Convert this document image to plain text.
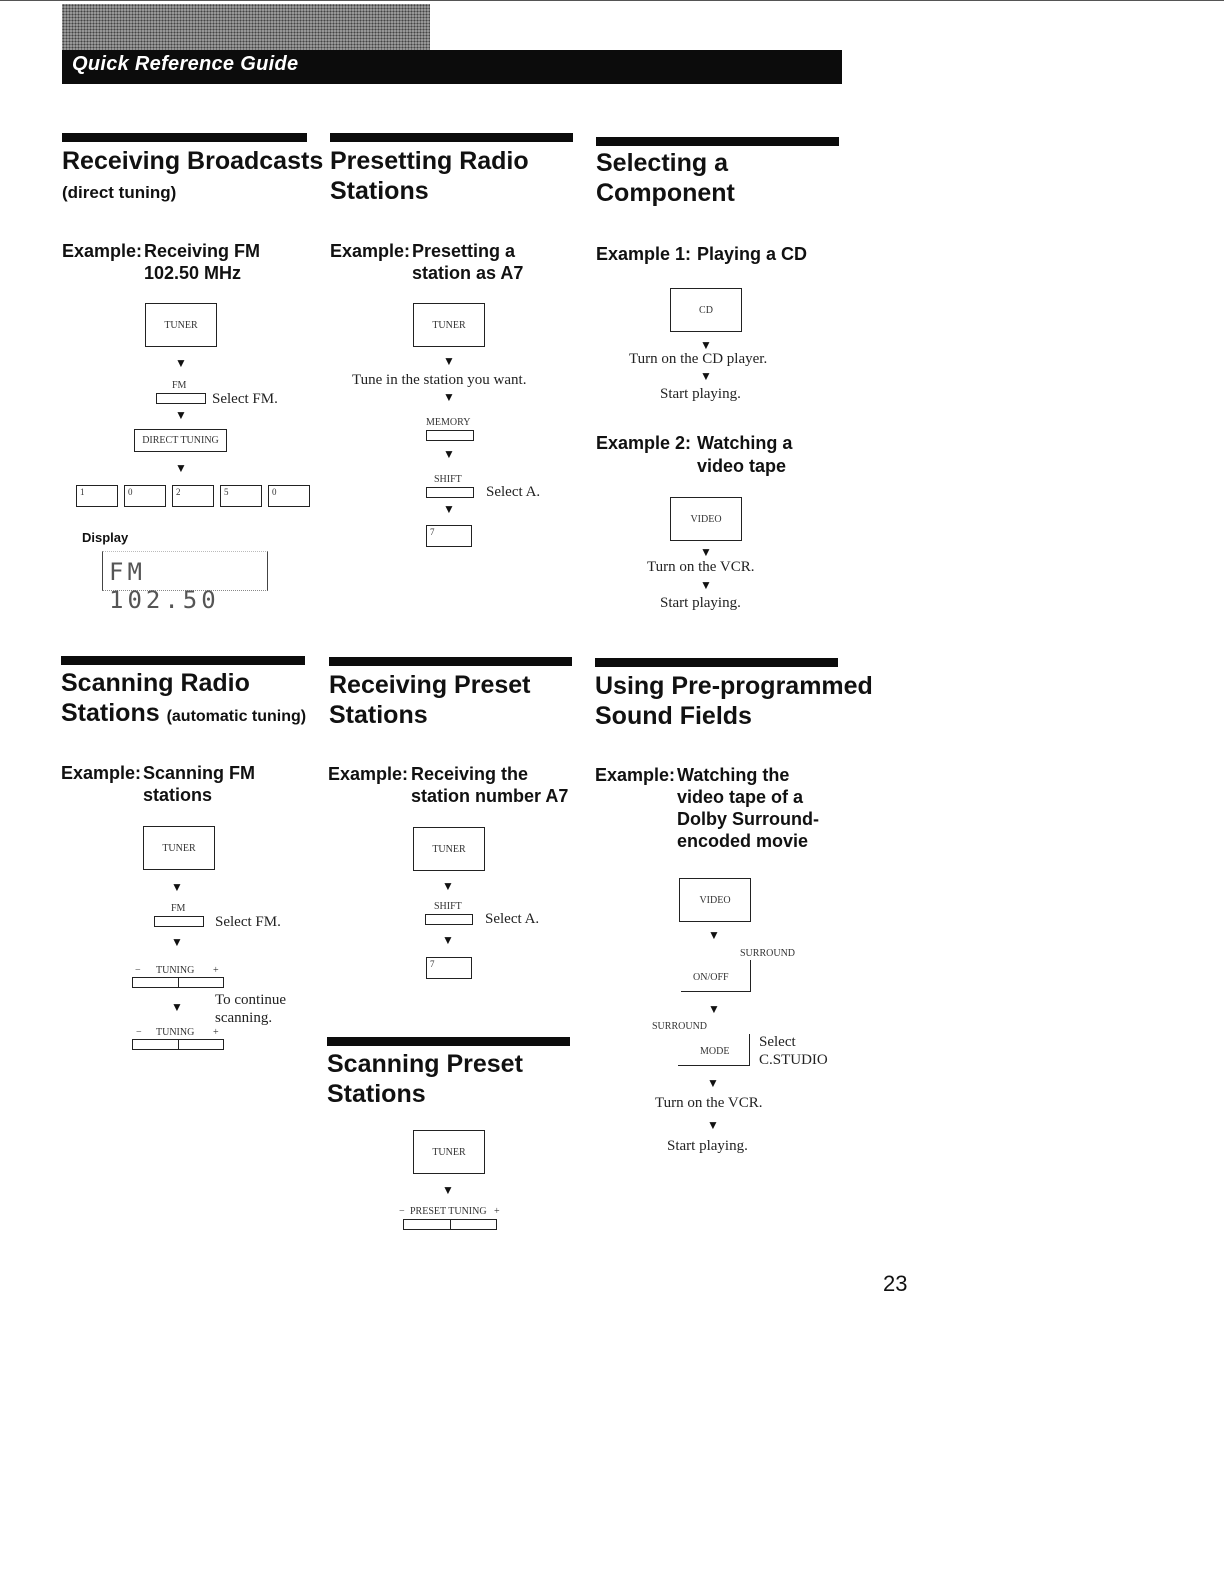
Quick Reference Guide
Receiving Broadcasts
(direct tuning)
Example: Receiving FM
102.50 MHz
TUNER
▼
FM
Select FM.
▼
DIRECT TUNING
▼
1	0	2	5	0
Display
FM 102.50
Presetting Radio
Stations
Example: Presetting a
station as A7
TUNER
▼
Tune in the station you want.
▼
MEMORY
▼
SHIFT
Select A.
▼
7
Selecting a
Component
Example 1: Playing a CD
CD
▼
Turn on the CD player.
▼
Start playing.
Example 2: Watching a
video tape
VIDEO
▼
Turn on the VCR.
▼
Start playing.
Scanning Radio
Stations (automatic tuning)
Example: Scanning FM
stations
TUNER
▼
FM
Select FM.
▼
− TUNING +
▼ To continue
scanning.
− TUNING +
Receiving Preset
Stations
Example: Receiving the
station number A7
TUNER
▼
SHIFT
Select A.
▼
7
Scanning Preset
Stations
TUNER
▼
− PRESET TUNING +
Using Pre-programmed
Sound Fields
Example: Watching the
video tape of a
Dolby Surround-
encoded movie
VIDEO
▼
SURROUND
ON/OFF
▼
SURROUND
MODE
Select
C.STUDIO
▼
Turn on the VCR.
▼
Start playing.
23
